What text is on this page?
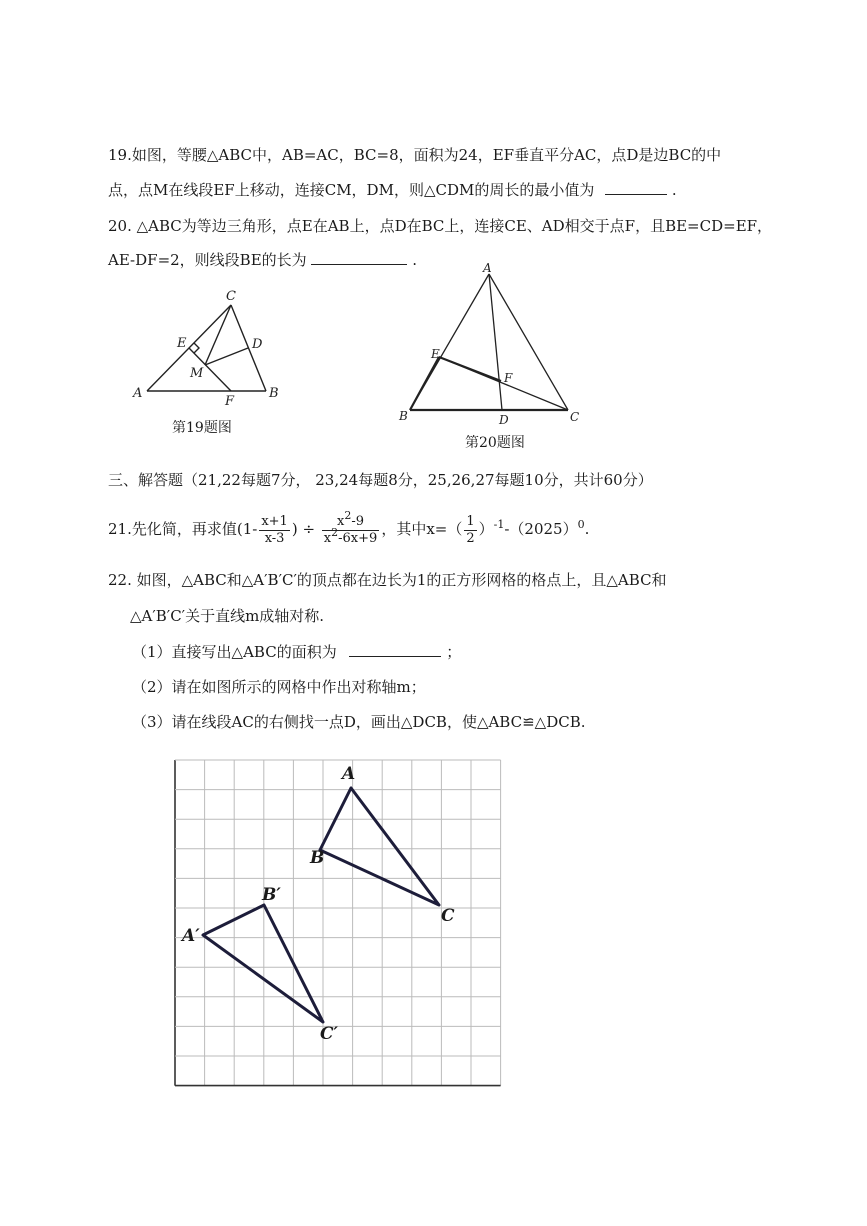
19.如图，等腰△ABC中，AB=AC，BC=8，面积为24，EF垂直平分AC，点D是边BC的中
点，点M在线段EF上移动，连接CM，DM，则△CDM的周长的最小值为	.
20. △ABC为等边三角形，点E在AB上，点D在BC上，连接CE、AD相交于点F，且BE=CD=EF，
AE-DF=2，则线段BE的长为	.
A	B
C
D
E
F
M
第19题图
A
B	C
D
E
F
第20题图
三、解答题（21,22每题7分， 23,24每题8分，25,26,27每题10分，共计60分）
21.先化简，再求值($1- \frac{x+1}{x-3}$ ) ÷ $\frac{x^2-9}{x^2-6x+9}$ ，其中$x=( \frac{1}{2} )^{-1}-(2025)^0$.
22. 如图，△ABC和△A′B′C′的顶点都在边长为1的正方形网格的格点上，且△ABC和
△A′B′C′关于直线m成轴对称.
（1）直接写出△ABC的面积为	；
（2）请在如图所示的网格中作出对称轴m；
（3）请在线段AC的右侧找一点D，画出△DCB，使△ABC≌△DCB.
A
B
C
A′
B′
C′
